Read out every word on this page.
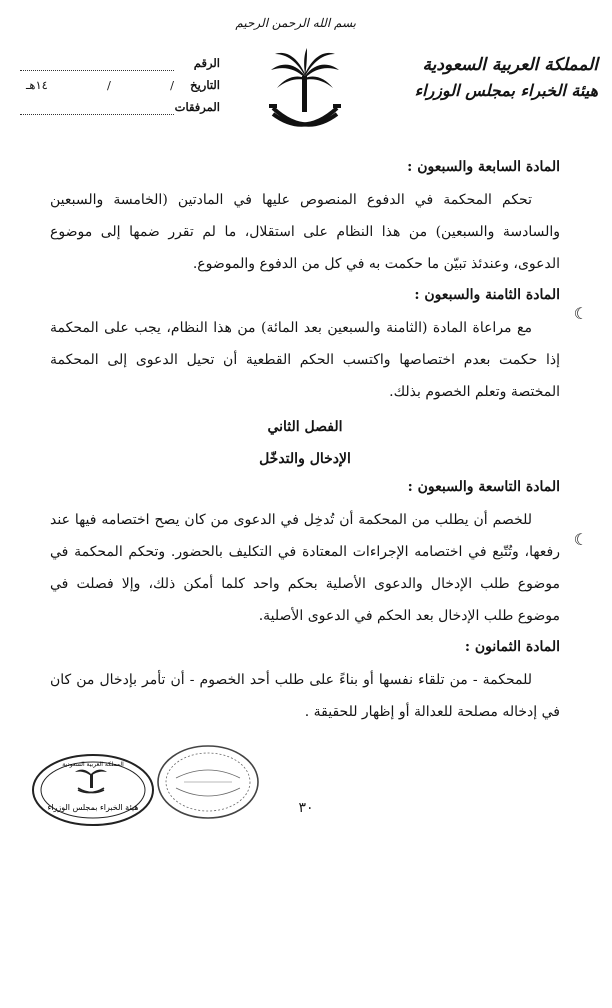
بسم الله الرحمن الرحيم
المملكة العربية السعودية
هيئة الخبراء بمجلس الوزراء
الرقم
التاريخ
/
/
١٤هـ
المرفقات
المادة السابعة والسبعون :

تحكم المحكمة في الدفوع المنصوص عليها في المادتين (الخامسة والسبعين والسادسة والسبعين) من هذا النظام على استقلال، ما لم تقرر ضمها إلى موضوع الدعوى، وعندئذ تبيّن ما حكمت به في كل من الدفوع والموضوع.

المادة الثامنة والسبعون :

مع مراعاة المادة (الثامنة والسبعين بعد المائة) من هذا النظام، يجب على المحكمة إذا حكمت بعدم اختصاصها واكتسب الحكم القطعية أن تحيل الدعوى إلى المحكمة المختصة وتعلم الخصوم بذلك.

الفصل الثاني
الإدخال والتدخّل
المادة التاسعة والسبعون :

للخصم أن يطلب من المحكمة أن تُدخِل في الدعوى من كان يصح اختصامه فيها عند رفعها، وتُتّبع في اختصامه الإجراءات المعتادة في التكليف بالحضور. وتحكم المحكمة في موضوع طلب الإدخال والدعوى الأصلية بحكم واحد كلما أمكن ذلك، وإلا فصلت في موضوع طلب الإدخال بعد الحكم في الدعوى الأصلية.

المادة الثمانون :

للمحكمة - من تلقاء نفسها أو بناءً على طلب أحد الخصوم - أن تأمر بإدخال من كان في إدخاله مصلحة للعدالة أو إظهار للحقيقة .

☾
☾
هيئة الخبراء بمجلس الوزراء
المملكة العربية السعودية
٣٠
